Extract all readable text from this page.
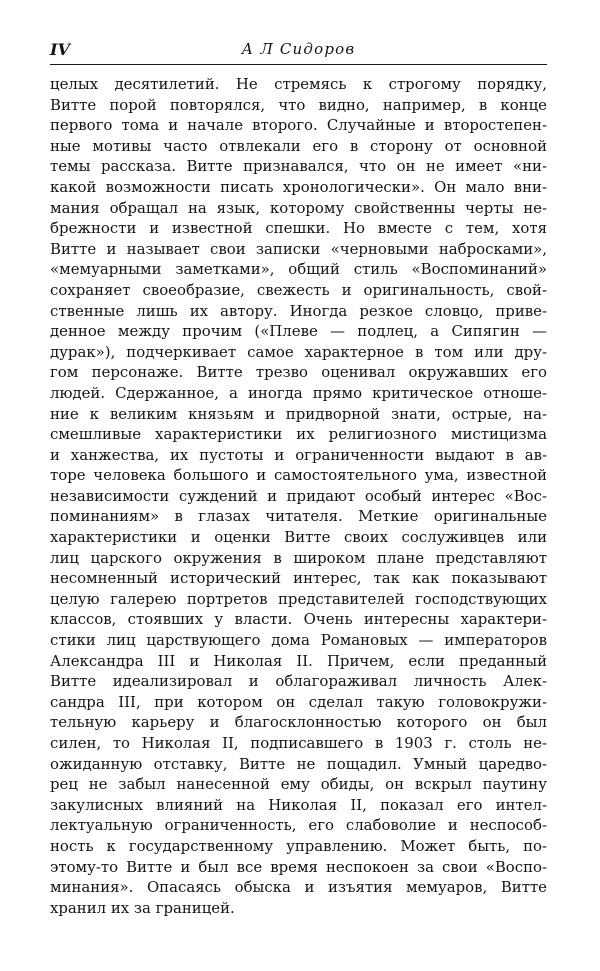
IV	А Л Сидоров
целых десятилетий. Не стремясь к строгому порядку,
Витте порой повторялся, что видно, например, в конце
первого тома и начале второго. Случайные и второстепен-
ные мотивы часто отвлекали его в сторону от основной
темы рассказа. Витте признавался, что он не имеет «ни-
какой возможности писать хронологически». Он мало вни-
мания обращал на язык, которому свойственны черты не-
брежности и известной спешки. Но вместе с тем, хотя
Витте и называет свои записки «черновыми набросками»,
«мемуарными заметками», общий стиль «Воспоминаний»
сохраняет своеобразие, свежесть и оригинальность, свой-
ственные лишь их автору. Иногда резкое словцо, приве-
денное между прочим («Плеве — подлец, а Сипягин —
дурак»), подчеркивает самое характерное в том или дру-
гом персонаже. Витте трезво оценивал окружавших его
людей. Сдержанное, а иногда прямо критическое отноше-
ние к великим князьям и придворной знати, острые, на-
смешливые характеристики их религиозного мистицизма
и ханжества, их пустоты и ограниченности выдают в ав-
торе человека большого и самостоятельного ума, известной
независимости суждений и придают особый интерес «Вос-
поминаниям» в глазах читателя. Меткие оригинальные
характеристики и оценки Витте своих сослуживцев или
лиц царского окружения в широком плане представляют
несомненный исторический интерес, так как показывают
целую галерею портретов представителей господствующих
классов, стоявших у власти. Очень интересны характери-
стики лиц царствующего дома Романовых — императоров
Александра III и Николая II. Причем, если преданный
Витте идеализировал и облагораживал личность Алек-
сандра III, при котором он сделал такую головокружи-
тельную карьеру и благосклонностью которого он был
силен, то Николая II, подписавшего в 1903 г. столь не-
ожиданную отставку, Витте не пощадил. Умный царедво-
рец не забыл нанесенной ему обиды, он вскрыл паутину
закулисных влияний на Николая II, показал его интел-
лектуальную ограниченность, его слабоволие и неспособ-
ность к государственному управлению. Может быть, по-
этому-то Витте и был все время неспокоен за свои «Воспо-
минания». Опасаясь обыска и изъятия мемуаров, Витте
хранил их за границей.
